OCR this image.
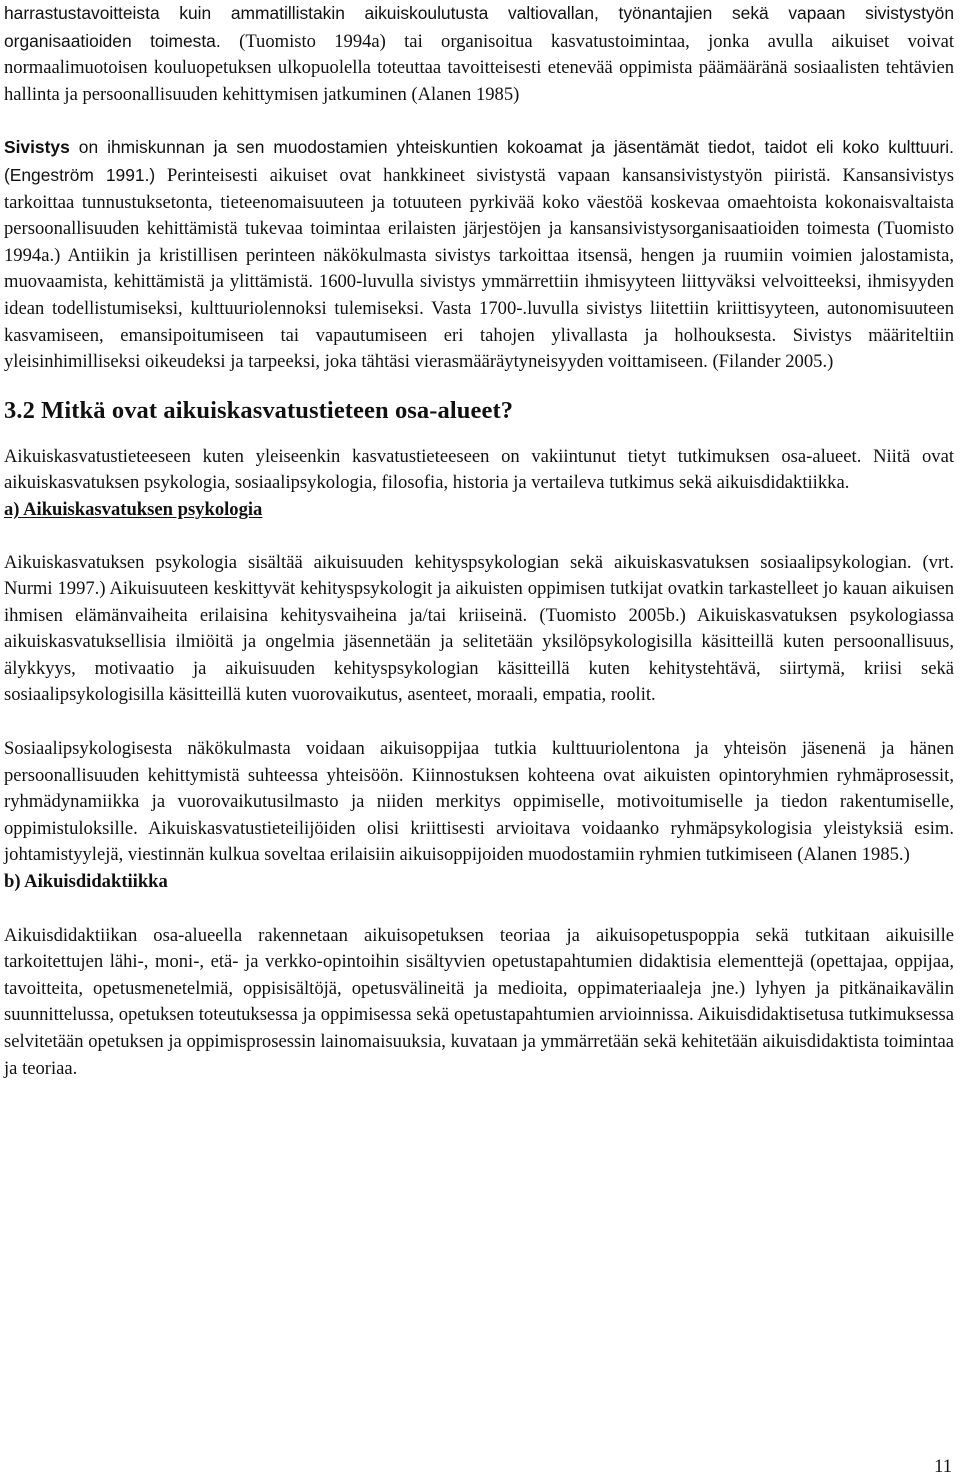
harrastustavoitteista kuin ammatillistakin aikuiskoulutusta valtiovallan, työnantajien sekä vapaan sivistystyön organisaatioiden toimesta. (Tuomisto 1994a) tai organisoitua kasvatustoimintaa, jonka avulla aikuiset voivat normaalimuotoisen kouluopetuksen ulkopuolella toteuttaa tavoitteisesti etenevää oppimista päämääränä sosiaalisten tehtävien hallinta ja persoonallisuuden kehittymisen jatkuminen (Alanen 1985)

Sivistys on ihmiskunnan ja sen muodostamien yhteiskuntien kokoamat ja jäsentämät tiedot, taidot eli koko kulttuuri.(Engeström 1991.) Perinteisesti aikuiset ovat hankkineet sivistystä vapaan kansansivistystyön piiristä. Kansansivistys tarkoittaa tunnustuksetonta, tieteenomaisuuteen ja totuuteen pyrkivää koko väestöä koskevaa omaehtoista kokonaisvaltaista persoonallisuuden kehittämistä tukevaa toimintaa erilaisten järjestöjen ja kansansivistysorganisaatioiden toimesta (Tuomisto 1994a.) Antiikin ja kristillisen perinteen näkökulmasta sivistys tarkoittaa itsensä, hengen ja ruumiin voimien jalostamista, muovaamista, kehittämistä ja ylittämistä. 1600-luvulla sivistys ymmärrettiin ihmisyyteen liittyväksi velvoitteeksi, ihmisyyden idean todellistumiseksi, kulttuuriolennoksi tulemiseksi. Vasta 1700-.luvulla sivistys liitettiin kriittisyyteen, autonomisuuteen kasvamiseen, emansipoitumiseen tai vapautumiseen eri tahojen ylivallasta ja holhouksesta. Sivistys määriteltiin yleisinhimilliseksi oikeudeksi ja tarpeeksi, joka tähtäsi vierasmääräytyneisyyden voittamiseen. (Filander 2005.)

3.2 Mitkä ovat aikuiskasvatustieteen osa-alueet?

Aikuiskasvatustieteeseen kuten yleiseenkin kasvatustieteeseen on vakiintunut tietyt tutkimuksen osa-alueet. Niitä ovat aikuiskasvatuksen psykologia, sosiaalipsykologia, filosofia, historia ja vertaileva tutkimus sekä aikuisdidaktiikka.

a) Aikuiskasvatuksen psykologia

Aikuiskasvatuksen psykologia sisältää aikuisuuden kehityspsykologian sekä aikuiskasvatuksen sosiaalipsykologian. (vrt. Nurmi 1997.) Aikuisuuteen keskittyvät kehityspsykologit ja aikuisten oppimisen tutkijat ovatkin tarkastelleet jo kauan aikuisen ihmisen elämänvaiheita erilaisina kehitysvaiheina ja/tai kriiseinä. (Tuomisto 2005b.) Aikuiskasvatuksen psykologiassa aikuiskasvatuksellisia ilmiöitä ja ongelmia jäsennetään ja selitetään yksilöpsykologisilla käsitteillä kuten persoonallisuus, älykkyys, motivaatio ja aikuisuuden kehityspsykologian käsitteillä kuten kehitystehtävä, siirtymä, kriisi sekä sosiaalipsykologisilla käsitteillä kuten vuorovaikutus, asenteet, moraali, empatia, roolit.

Sosiaalipsykologisesta näkökulmasta voidaan aikuisoppijaa tutkia kulttuuriolentona ja yhteisön jäsenenä ja hänen persoonallisuuden kehittymistä suhteessa yhteisöön. Kiinnostuksen kohteena ovat aikuisten opintoryhmien ryhmäprosessit, ryhmädynamiikka ja vuorovaikutusilmasto ja niiden merkitys oppimiselle, motivoitumiselle ja tiedon rakentumiselle, oppimistuloksille. Aikuiskasvatustieteilijöiden olisi kriittisesti arvioitava voidaanko ryhmäpsykologisia yleistyksiä esim. johtamistyylejä, viestinnän kulkua soveltaa erilaisiin aikuisoppijoiden muodostamiin ryhmien tutkimiseen (Alanen 1985.)

b) Aikuisdidaktiikka

Aikuisdidaktiikan osa-alueella rakennetaan aikuisopetuksen teoriaa ja aikuisopetuspoppia sekä tutkitaan aikuisille tarkoitettujen lähi-, moni-, etä- ja verkko-opintoihin sisältyvien opetustapahtumien didaktisia elementtejä (opettajaa, oppijaa, tavoitteita, opetusmenetelmiä, oppisisältöjä, opetusvälineitä ja medioita, oppimateriaaleja jne.) lyhyen ja pitkänaikavälin suunnittelussa, opetuksen toteutuksessa ja oppimisessa sekä opetustapahtumien arvioinnissa. Aikuisdidaktisetusa tutkimuksessa selvitetään opetuksen ja oppimisprosessin lainomaisuuksia, kuvataan ja ymmärretään sekä kehitetään aikuisdidaktista toimintaa ja teoriaa.

11
